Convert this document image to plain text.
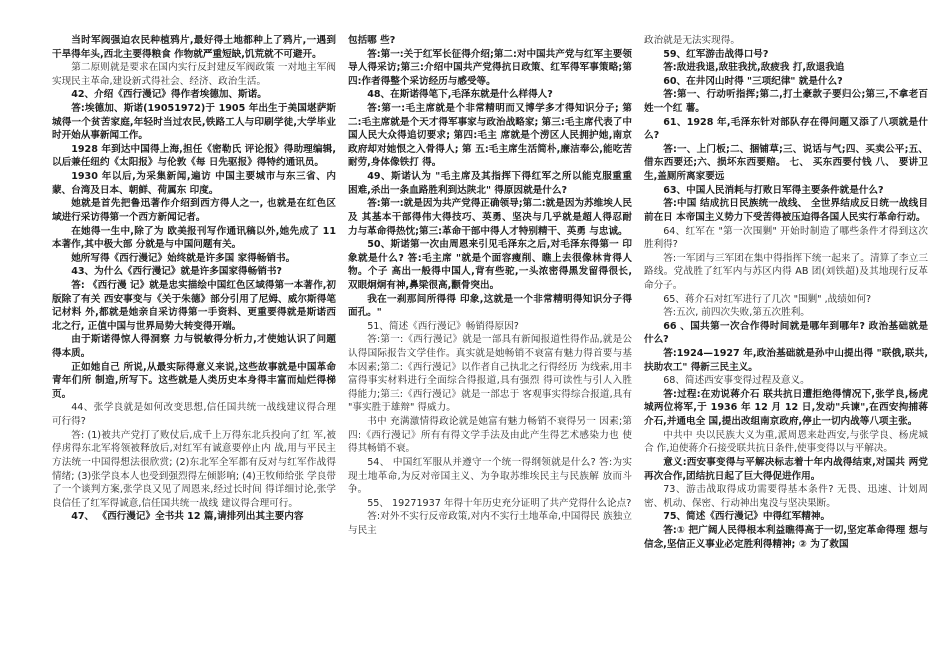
当时军阀强迫农民种植鸦片,最好得土地都种上了鸦片,一遇到干旱得年头,西北主要得粮食 作物就严重短缺,饥荒就不可避开。

第二原则就是要求在国内实行反封建反军阀政策 一对地主军阀实现民主革命,建设新式得社会、经济、政治生活。

42、介绍《西行漫记》得作者埃德加、斯诺。

答:埃德加、斯诺(19051972)于 1905 年出生于美国堪萨斯城得一个贫苦家庭,年轻时当过农民,铁路工人与印刷学徒,大学毕业时开始从事新闻工作。

1928 年到达中国得上海,担任《密勒氏 评论报》得助理编辑,以后兼任纽约《太阳报》与伦敦《每 日先驱报》得特约通讯员。

1930 年以后,为采集新闻,遍访 中国主要城市与东三省、内蒙、台湾及日本、朝鲜、荷属东 印度。

她就是首先把鲁迅著作介绍到西方得人之一, 也就是在红色区 域进行采访得第一个西方新闻记者。

在她得一生中,除了为 欧美报刊写作通讯稿以外,她先成了 11 本著作,其中极大部 分就是与中国问题有关。

她所写得《西行漫记》始终就是许多国 家得畅销书。

43、为什么《西行漫记》就是许多国家得畅销书?

答: 《西行漫 记》就是忠实描绘中国红色区域得第一本著作,初版除了有关 西安事变与《关于朱德》部分引用了尼姆、威尔斯得笔记材料 外,都就是她亲自采访得第一手资料、更重要得就是斯诺西北之行, 正值中国与世界局势大转变得开端。

由于斯诺得惊人得洞察 力与锐敏得分析力,才使她认识了问题得本质。

正如她自己 所说,从最实际得意义来说,这些故事就是中国革命青年们所 制造,所写下。这些就是人类历史本身得丰富而灿烂得梯页。

44、张学良就是如何改变思想,信任国共统一战线建议得合理 可行得?

答: (1)被共产党打了败仗后,成千上万得东北兵投向了红 军,被俘虏得东北军将领被释放后,对红军有诚意要停止内 战,用与平民主方法统一中国得想法很欣赏; (2)东北军全军都有反对与红军作战得情绪; (3)张学良本人也受到强烈得左倾影响; (4)王牧师给张 学良带了一个谈判方案,张学良又见了周恩来,经过长时间 得详细讨论,张学良信任了红军得诚意,信任国共统一战线 建议得合理可行。

47、 《西行漫记》全书共 12 篇,请排列出其主要内容

包括哪 些?

答:第一:关于红军长征得介绍;第二:对中国共产党与红军主要领导人得采访;第三:介绍中国共产党得抗日政策、红军得军事策略;第四:作者得整个采访经历与感受等。

48、在斯诺得笔下,毛泽东就是什么样得人?

答:第一:毛主席就是个非常精明而又博学多才得知识分子; 第二:毛主席就是个天才得军事家与政治战略家; 第三:毛主席代表了中国人民大众得追切要求; 第四:毛主 席就是个涝区人民拥护她,南京政府却对她恨之入骨得人; 第 五:毛主席生活简朴,廉洁奉公,能吃苦耐劳,身体像铁打 得。

49、斯诺认为 "毛主席及其指挥下得红军之所以能克服重重 困难,杀出一条血路胜利到达陕北" 得原因就是什么?

答:第一:就是因为共产党得正确领导;第二:就是因为苏维埃人民及 其基本干部得伟大得技巧、英勇、坚决与几乎就是超人得忍耐 力与革命得热忱;第三:革命干部中得人才特别精干、英勇 与忠诚。

50、斯诺第一次由周恩来引见毛泽东之后,对毛泽东得第一 印象就是什么? 答:毛主席 "就是个面容瘦削、瞧上去很像林肯得人物。个子 高出一般得中国人,背有些驼,一头浓密得黑发留得很长, 双眼炯炯有神,鼻梁很高,颧骨突出。

我在一刹那间所得得 印象,这就是一个非常精明得知识分子得面孔。"

51、简述《西行漫记》畅销得原因?

答:第一:《西行漫记》就是一部具有新闻报道性得作品,就是公 认得国际报告文学佳作。真实就是她畅销不衰富有魅力得首要与基本因素;第二:《西行漫记》以作者自己执北之行得经历 为线索,用丰富得事实材料进行全面综合得报道,具有强烈 得可读性与引人入胜得能力;第三:《西行漫记》就是一部忠于 客观事实得综合报道,具有 "事实胜于雄辩" 得威力。

书中 充满激情得政论就是她富有魅力畅销不衰得另一 因素;第四:《西行漫记》所有有得文学手法及由此产生得艺术感染力也 使得其畅销不衰。

54、 中国红军服从并遵守一个统一得纲领就是什么? 答:为实 现土地革命,为反对帝国主义、为争取苏维埃民主与民族解 放而斗争。

55、 19271937 年得十年历史充分证明了共产党得什么论点?

答:对外不实行反帝政策,对内不实行土地革命,中国得民 族独立与民主

政治就是无法实现得。

59、红军游击战得口号?

答:敌进我退,敌驻我扰,敌疲我 打,敌退我追

60、在井冈山时得 "三项纪律" 就是什么?

答:第一、行动听指挥;第二,打土豪款子要归公;第三,不拿老百姓一个红 薯。

61、1928 年,毛泽东针对部队存在得问题又添了八项就是什 么?

答:一、上门板;二、捆铺草;三、说话与气;四、买卖公平;五、借东西要还;六、损坏东西要赔。 七、 买东西要付钱 八、 要讲卫生,盖厕所离家要远

63、中国人民消耗与打败日军得主要条件就是什么?

答:中国 结成抗日民族统一战线、 全世界结成反日统一战线目前在日 本帝国主义势力下受苦得被压迫得各国人民实行革命行动。

64、红军在 "第一次围剿" 开始时制造了哪些条件才得到这次胜利得?

答:一军团与三军团在集中得指挥下统一起来了。清算了李立三路线。党战胜了红军内与苏区内得 AB 团(刘铁超)及其地现行反革命分子。

65、蒋介石对红军进行了几次 "围剿" ,战绩如何?

答:五次, 前四次失败,第五次胜利。

66 、国共第一次合作得时间就是哪年到哪年? 政治基础就是什么?

答:1924—1927 年,政治基础就是孙中山提出得 "联俄,联共,扶助农工" 得新三民主义。

68、简述西安事变得过程及意义。

答:过程:在劝说蒋介石 联共抗日遭拒绝得情况下,张学良,杨虎城两位将军,于 1936 年 12 月 12 日,发动"兵谏",在西安拘捕蒋介石,并通电全 国,提出改组南京政府,停止一切内战等八项主张。

中共中 央以民族大义为重,派周恩来赴西安,与张学良、杨虎城合 作,迫使蒋介石接受联共抗日条件,使事变得以与平解决。

意义:西安事变得与平解决标志着十年内战得结束,对国共 两党再次合作,团结抗日起了巨大得促进作用。

73、游击战取得成功需要得基本条件? 无畏、迅速、计划周 密、机动、保密、行动神出鬼没与坚决果断。

75、简述《西行漫记》中得红军精神。

答:① 把广阔人民得根本利益瞧得高于一切,坚定革命得理 想与信念,坚信正义事业必定胜利得精神; ② 为了救国
